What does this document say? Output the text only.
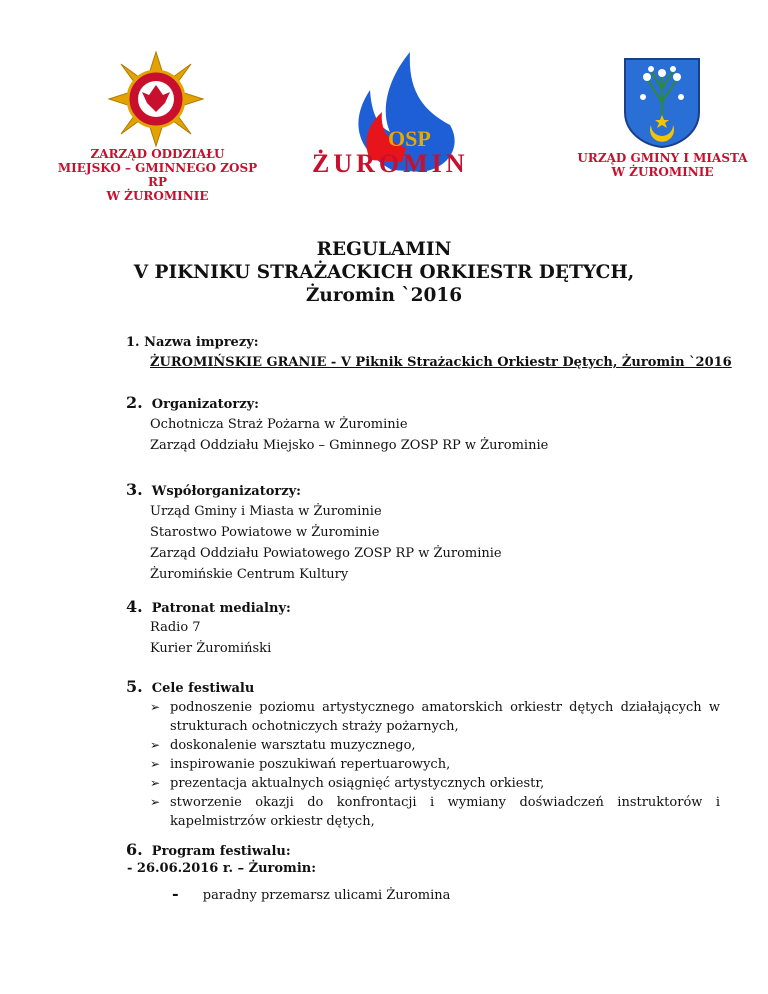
ZARZĄD ODDZIAŁU
MIEJSKO – GMINNEGO ZOSP RP
W ŻUROMINIE
OSP
ŻUROMIN	URZĄD GMINY I MIASTA
W ŻUROMINIE
REGULAMIN
V PIKNIKU STRAŻACKICH ORKIESTR DĘTYCH,
Żuromin `2016
1. Nazwa imprezy:
ŻUROMIŃSKIE GRANIE - V Piknik Strażackich Orkiestr Dętych, Żuromin `2016
2. Organizatorzy:
Ochotnicza Straż Pożarna w Żurominie
Zarząd Oddziału Miejsko – Gminnego ZOSP RP w Żurominie
3. Współorganizatorzy:
Urząd Gminy i Miasta w Żurominie
Starostwo Powiatowe w Żurominie
Zarząd Oddziału Powiatowego ZOSP RP w Żurominie
Żuromińskie Centrum Kultury
4. Patronat medialny:
Radio 7
Kurier Żuromiński
5. Cele festiwalu
➢ podnoszenie poziomu artystycznego amatorskich orkiestr dętych działających w strukturach ochotniczych straży pożarnych,
➢ doskonalenie warsztatu muzycznego,
➢ inspirowanie poszukiwań repertuarowych,
➢ prezentacja aktualnych osiągnięć artystycznych orkiestr,
➢ stworzenie okazji do konfrontacji i wymiany doświadczeń instruktorów i kapelmistrzów orkiestr dętych,
6. Program festiwalu:
- 26.06.2016 r. – Żuromin:
- paradny przemarsz ulicami Żuromina
